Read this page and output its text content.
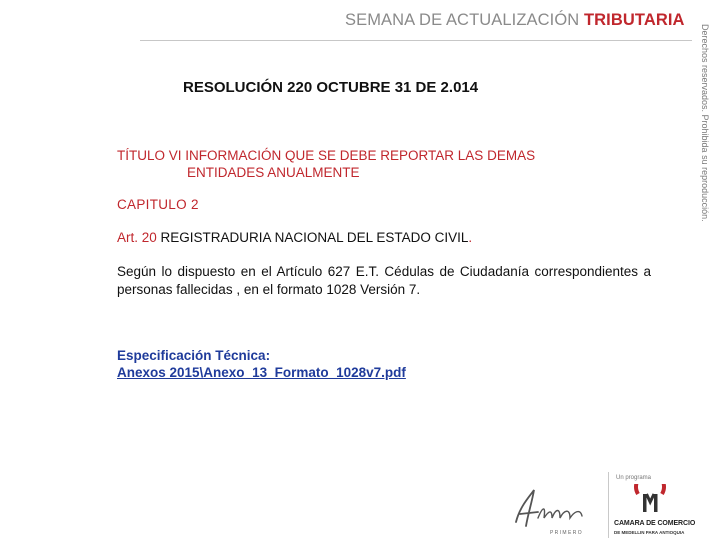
SEMANA DE ACTUALIZACIÓN TRIBUTARIA
Derechos reservados. Prohibida su reproducción.
RESOLUCIÓN 220 OCTUBRE 31 DE 2.014
TÍTULO VI INFORMACIÓN QUE SE DEBE REPORTAR LAS DEMAS
ENTIDADES ANUALMENTE
CAPITULO 2
Art. 20 REGISTRADURIA NACIONAL DEL ESTADO CIVIL.
Según lo dispuesto en el Artículo 627 E.T. Cédulas de Ciudadanía correspondientes a personas fallecidas , en el formato 1028 Versión 7.
Especificación Técnica:
Anexos 2015\Anexo_13_Formato_1028v7.pdf
P R I M E R O
Afiliado	Un programa
CAMARA DE COMERCIO
DE MEDELLIN PARA ANTIOQUIA
